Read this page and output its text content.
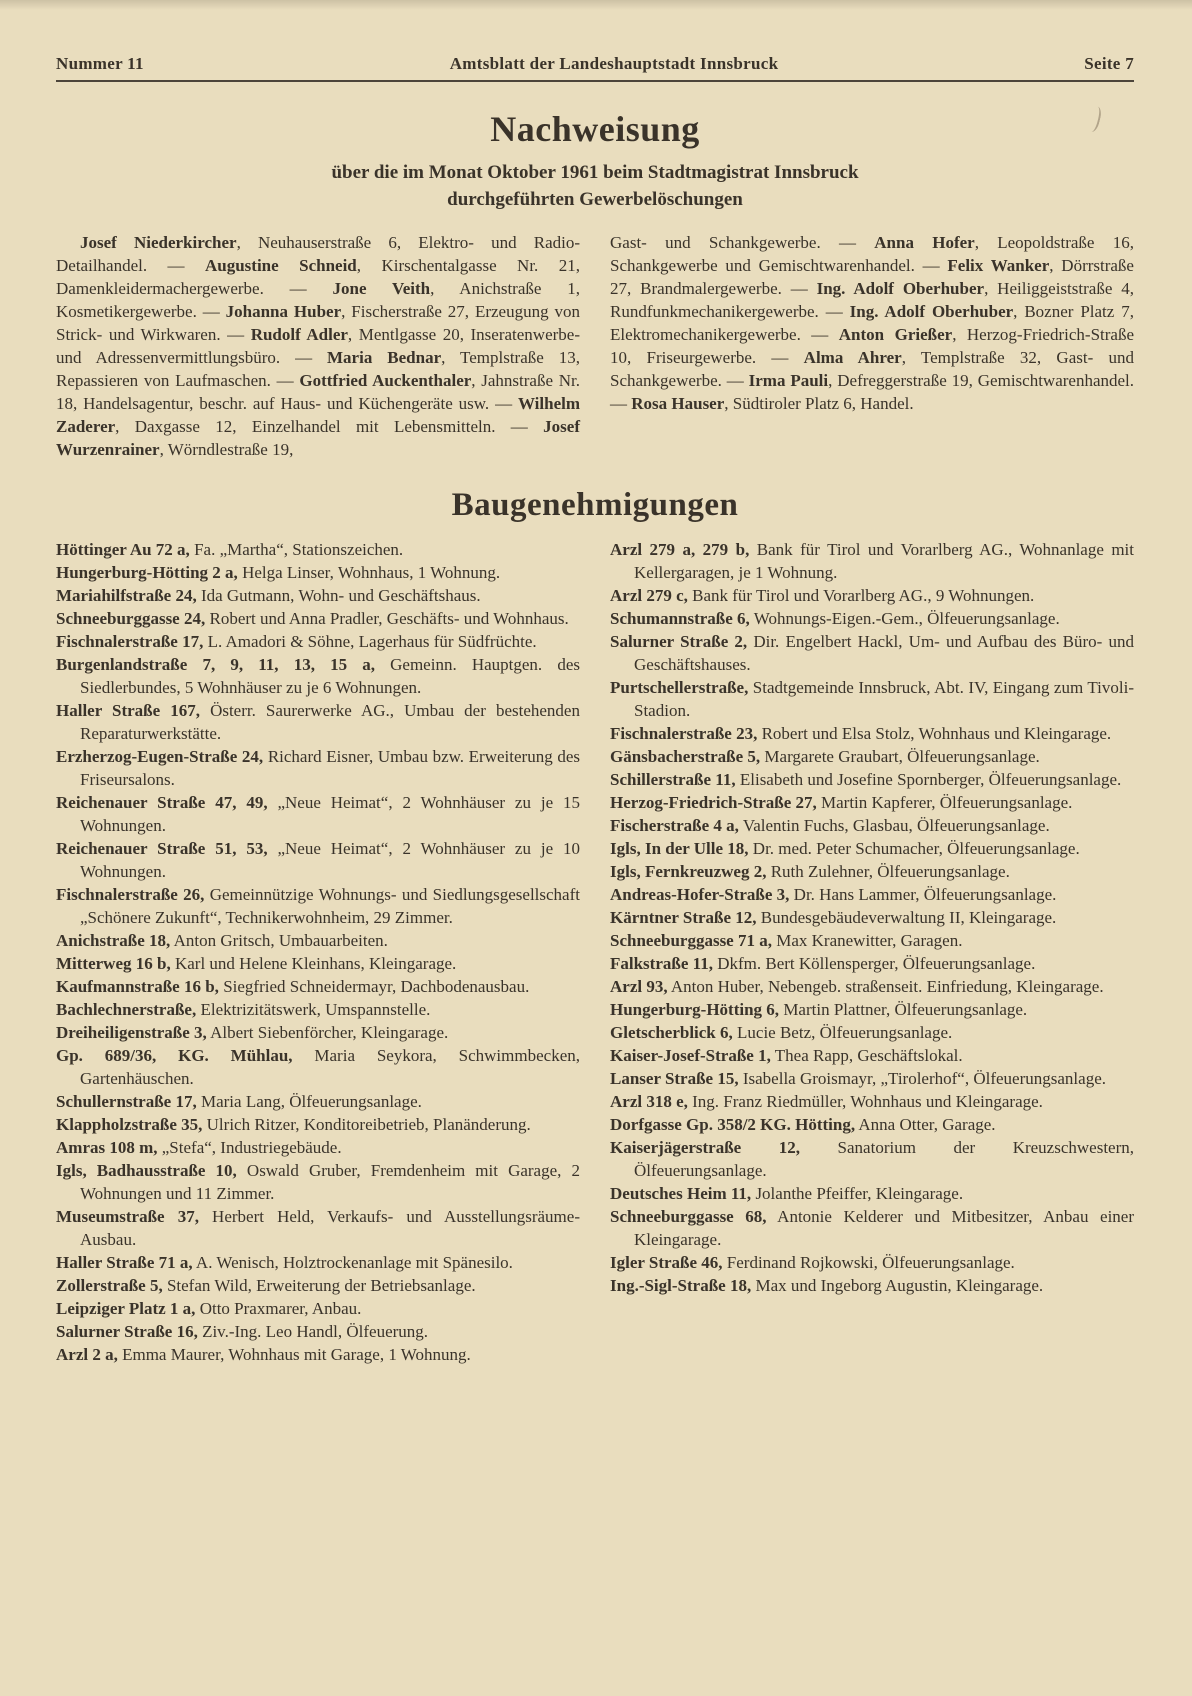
Nummer 11	Amtsblatt der Landeshauptstadt Innsbruck	Seite 7
Nachweisung

über die im Monat Oktober 1961 beim Stadtmagistrat Innsbruck
durchgeführten Gewerbelöschungen

Josef Niederkircher, Neuhauserstraße 6, Elektro- und Radio-Detailhandel. — Augustine Schneid, Kirschentalgasse Nr. 21, Damenkleidermachergewerbe. — Jone Veith, Anichstraße 1, Kosmetikergewerbe. — Johanna Huber, Fischerstraße 27, Erzeugung von Strick- und Wirkwaren. — Rudolf Adler, Mentlgasse 20, Inseratenwerbe- und Adressenvermittlungsbüro. — Maria Bednar, Templstraße 13, Repassieren von Laufmaschen. — Gottfried Auckenthaler, Jahnstraße Nr. 18, Handelsagentur, beschr. auf Haus- und Küchengeräte usw. — Wilhelm Zaderer, Daxgasse 12, Einzelhandel mit Lebensmitteln. — Josef Wurzenrainer, Wörndlestraße 19,

Gast- und Schankgewerbe. — Anna Hofer, Leopoldstraße 16, Schankgewerbe und Gemischtwarenhandel. — Felix Wanker, Dörrstraße 27, Brandmalergewerbe. — Ing. Adolf Oberhuber, Heiliggeiststraße 4, Rundfunkmechanikergewerbe. — Ing. Adolf Oberhuber, Bozner Platz 7, Elektromechanikergewerbe. — Anton Grießer, Herzog-Friedrich-Straße 10, Friseurgewerbe. — Alma Ahrer, Templstraße 32, Gast- und Schankgewerbe. — Irma Pauli, Defreggerstraße 19, Gemischtwarenhandel. — Rosa Hauser, Südtiroler Platz 6, Handel.

Baugenehmigungen

Höttinger Au 72 a, Fa. „Martha“, Stationszeichen.

Hungerburg-Hötting 2 a, Helga Linser, Wohnhaus, 1 Wohnung.

Mariahilfstraße 24, Ida Gutmann, Wohn- und Geschäftshaus.

Schneeburggasse 24, Robert und Anna Pradler, Geschäfts- und Wohnhaus.

Fischnalerstraße 17, L. Amadori & Söhne, Lagerhaus für Südfrüchte.

Burgenlandstraße 7, 9, 11, 13, 15 a, Gemeinn. Hauptgen. des Siedlerbundes, 5 Wohnhäuser zu je 6 Wohnungen.

Haller Straße 167, Österr. Saurerwerke AG., Umbau der bestehenden Reparaturwerkstätte.

Erzherzog-Eugen-Straße 24, Richard Eisner, Umbau bzw. Erweiterung des Friseursalons.

Reichenauer Straße 47, 49, „Neue Heimat“, 2 Wohnhäuser zu je 15 Wohnungen.

Reichenauer Straße 51, 53, „Neue Heimat“, 2 Wohnhäuser zu je 10 Wohnungen.

Fischnalerstraße 26, Gemeinnützige Wohnungs- und Siedlungsgesellschaft „Schönere Zukunft“, Technikerwohnheim, 29 Zimmer.

Anichstraße 18, Anton Gritsch, Umbauarbeiten.

Mitterweg 16 b, Karl und Helene Kleinhans, Kleingarage.

Kaufmannstraße 16 b, Siegfried Schneidermayr, Dachbodenausbau.

Bachlechnerstraße, Elektrizitätswerk, Umspannstelle.

Dreiheiligenstraße 3, Albert Siebenförcher, Kleingarage.

Gp. 689/36, KG. Mühlau, Maria Seykora, Schwimmbecken, Gartenhäuschen.

Schullernstraße 17, Maria Lang, Ölfeuerungsanlage.

Klappholzstraße 35, Ulrich Ritzer, Konditoreibetrieb, Planänderung.

Amras 108 m, „Stefa“, Industriegebäude.

Igls, Badhausstraße 10, Oswald Gruber, Fremdenheim mit Garage, 2 Wohnungen und 11 Zimmer.

Museumstraße 37, Herbert Held, Verkaufs- und Ausstellungsräume-Ausbau.

Haller Straße 71 a, A. Wenisch, Holztrockenanlage mit Spänesilo.

Zollerstraße 5, Stefan Wild, Erweiterung der Betriebsanlage.

Leipziger Platz 1 a, Otto Praxmarer, Anbau.

Salurner Straße 16, Ziv.-Ing. Leo Handl, Ölfeuerung.

Arzl 2 a, Emma Maurer, Wohnhaus mit Garage, 1 Wohnung.

Arzl 279 a, 279 b, Bank für Tirol und Vorarlberg AG., Wohnanlage mit Kellergaragen, je 1 Wohnung.

Arzl 279 c, Bank für Tirol und Vorarlberg AG., 9 Wohnungen.

Schumannstraße 6, Wohnungs-Eigen.-Gem., Ölfeuerungsanlage.

Salurner Straße 2, Dir. Engelbert Hackl, Um- und Aufbau des Büro- und Geschäftshauses.

Purtschellerstraße, Stadtgemeinde Innsbruck, Abt. IV, Eingang zum Tivoli-Stadion.

Fischnalerstraße 23, Robert und Elsa Stolz, Wohnhaus und Kleingarage.

Gänsbacherstraße 5, Margarete Graubart, Ölfeuerungsanlage.

Schillerstraße 11, Elisabeth und Josefine Spornberger, Ölfeuerungsanlage.

Herzog-Friedrich-Straße 27, Martin Kapferer, Ölfeuerungsanlage.

Fischerstraße 4 a, Valentin Fuchs, Glasbau, Ölfeuerungsanlage.

Igls, In der Ulle 18, Dr. med. Peter Schumacher, Ölfeuerungsanlage.

Igls, Fernkreuzweg 2, Ruth Zulehner, Ölfeuerungsanlage.

Andreas-Hofer-Straße 3, Dr. Hans Lammer, Ölfeuerungsanlage.

Kärntner Straße 12, Bundesgebäudeverwaltung II, Kleingarage.

Schneeburggasse 71 a, Max Kranewitter, Garagen.

Falkstraße 11, Dkfm. Bert Köllensperger, Ölfeuerungsanlage.

Arzl 93, Anton Huber, Nebengeb. straßenseit. Einfriedung, Kleingarage.

Hungerburg-Hötting 6, Martin Plattner, Ölfeuerungsanlage.

Gletscherblick 6, Lucie Betz, Ölfeuerungsanlage.

Kaiser-Josef-Straße 1, Thea Rapp, Geschäftslokal.

Lanser Straße 15, Isabella Groismayr, „Tirolerhof“, Ölfeuerungsanlage.

Arzl 318 e, Ing. Franz Riedmüller, Wohnhaus und Kleingarage.

Dorfgasse Gp. 358/2 KG. Hötting, Anna Otter, Garage.

Kaiserjägerstraße 12, Sanatorium der Kreuzschwestern, Ölfeuerungsanlage.

Deutsches Heim 11, Jolanthe Pfeiffer, Kleingarage.

Schneeburggasse 68, Antonie Kelderer und Mitbesitzer, Anbau einer Kleingarage.

Igler Straße 46, Ferdinand Rojkowski, Ölfeuerungsanlage.

Ing.-Sigl-Straße 18, Max und Ingeborg Augustin, Kleingarage.
